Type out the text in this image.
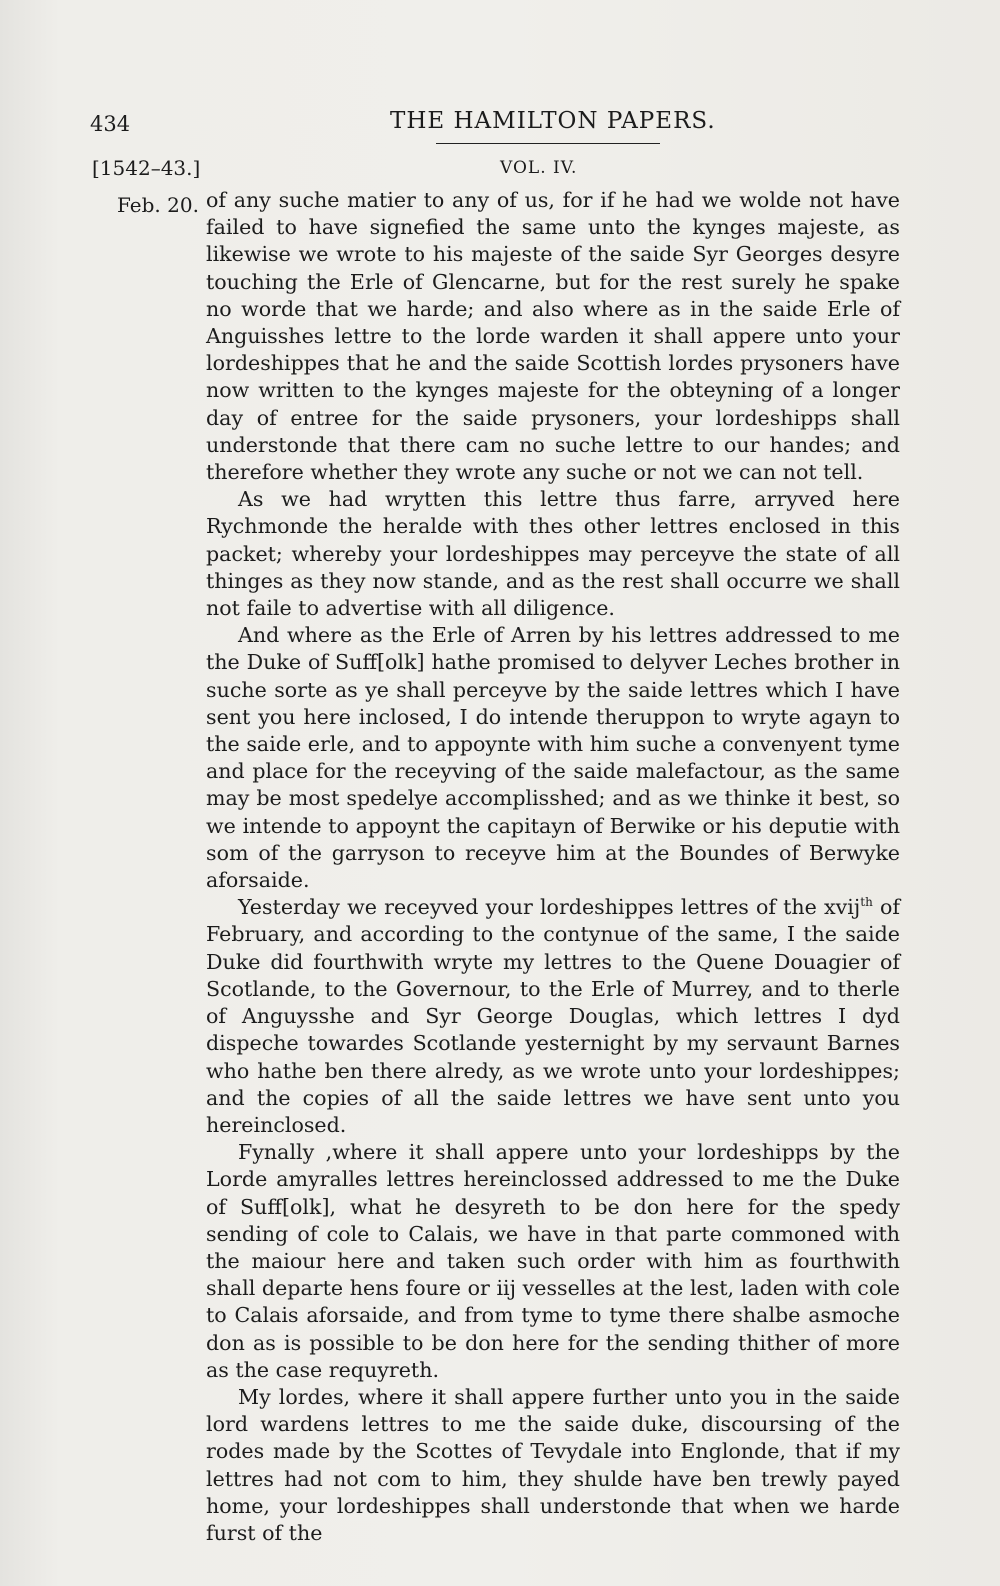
434	THE HAMILTON PAPERS.
[1542–43.]	VOL. IV.
Feb. 20. of any suche matier to any of us, for if he had we wolde not have failed to have signefied the same unto the kynges majeste, as likewise we wrote to his majeste of the saide Syr Georges desyre touching the Erle of Glencarne, but for the rest surely he spake no worde that we harde; and also where as in the saide Erle of Anguisshes lettre to the lorde warden it shall appere unto your lordeshippes that he and the saide Scottish lordes prysoners have now written to the kynges majeste for the obteyning of a longer day of entree for the saide prysoners, your lordeshipps shall understonde that there cam no suche lettre to our handes; and therefore whether they wrote any suche or not we can not tell.

As we had wrytten this lettre thus farre, arryved here Rychmonde the heralde with thes other lettres enclosed in this packet; whereby your lordeshippes may perceyve the state of all thinges as they now stande, and as the rest shall occurre we shall not faile to advertise with all diligence.

And where as the Erle of Arren by his lettres addressed to me the Duke of Suff[olk] hathe promised to delyver Leches brother in suche sorte as ye shall perceyve by the saide lettres which I have sent you here inclosed, I do intende theruppon to wryte agayn to the saide erle, and to appoynte with him suche a convenyent tyme and place for the receyving of the saide malefactour, as the same may be most spedelye accomplisshed; and as we thinke it best, so we intende to appoynt the capitayn of Berwike or his deputie with som of the garryson to receyve him at the Boundes of Berwyke aforsaide.

Yesterday we receyved your lordeshippes lettres of the xvij$^{th}$ of February, and according to the contynue of the same, I the saide Duke did fourthwith wryte my lettres to the Quene Douagier of Scotlande, to the Governour, to the Erle of Murrey, and to therle of Anguysshe and Syr George Douglas, which lettres I dyd dispeche towardes Scotlande yesternight by my servaunt Barnes who hathe ben there alredy, as we wrote unto your lordeshippes; and the copies of all the saide lettres we have sent unto you hereinclosed.

Fynally ,where it shall appere unto your lordeshipps by the Lorde amyralles lettres hereinclossed addressed to me the Duke of Suff[olk], what he desyreth to be don here for the spedy sending of cole to Calais, we have in that parte commoned with the maiour here and taken such order with him as fourthwith shall departe hens foure or iij vesselles at the lest, laden with cole to Calais aforsaide, and from tyme to tyme there shalbe asmoche don as is possible to be don here for the sending thither of more as the case requyreth.

My lordes, where it shall appere further unto you in the saide lord wardens lettres to me the saide duke, discoursing of the rodes made by the Scottes of Tevydale into Englonde, that if my lettres had not com to him, they shulde have ben trewly payed home, your lordeshippes shall understonde that when we harde furst of the
